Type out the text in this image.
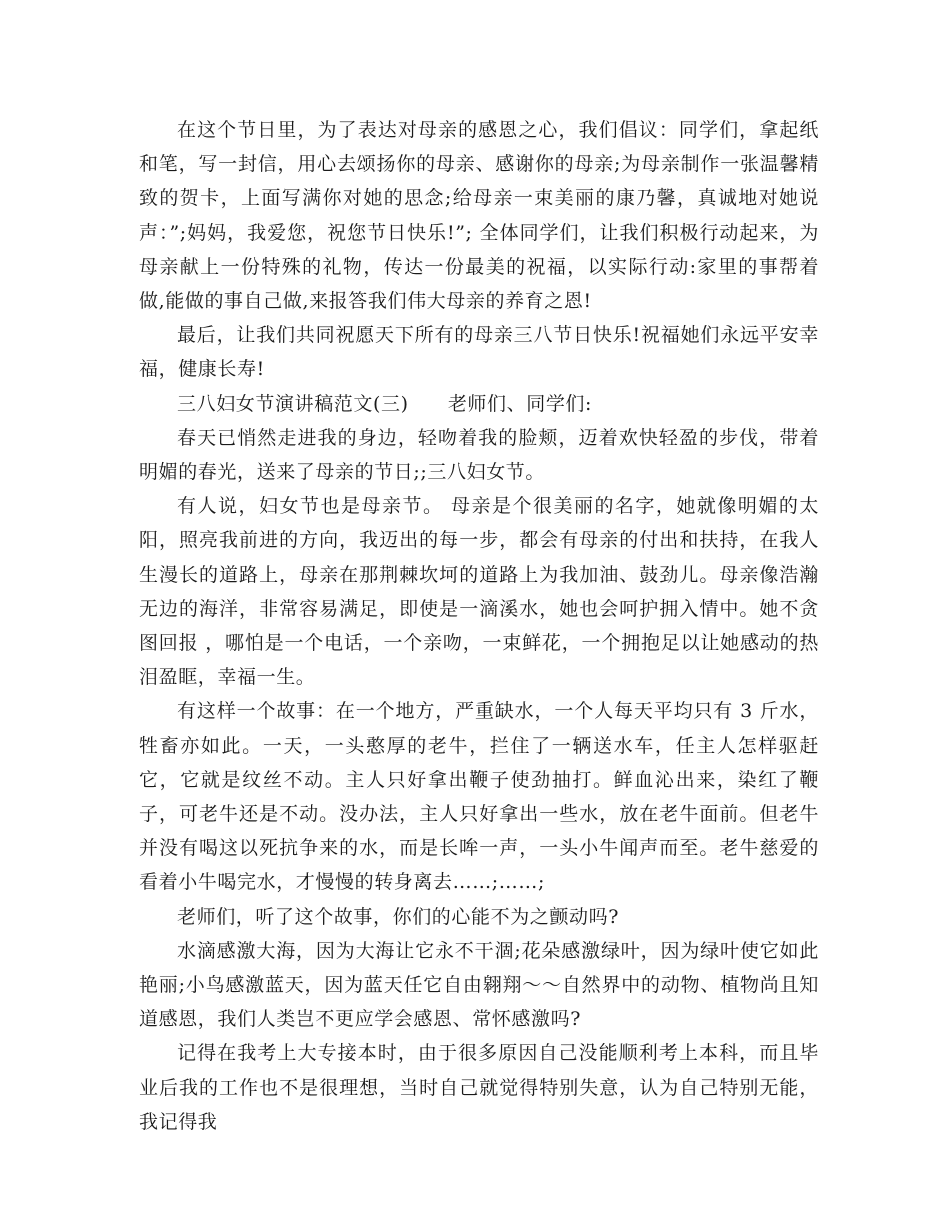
在这个节日里，为了表达对母亲的感恩之心，我们倡议：同学们，拿起纸和笔，写一封信，用心去颂扬你的母亲、感谢你的母亲;为母亲制作一张温馨精致的贺卡，上面写满你对她的思念;给母亲一束美丽的康乃馨，真诚地对她说声：”;妈妈，我爱您，祝您节日快乐!”; 全体同学们，让我们积极行动起来，为母亲献上一份特殊的礼物，传达一份最美的祝福，以实际行动:家里的事帮着做,能做的事自己做,来报答我们伟大母亲的养育之恩!

最后，让我们共同祝愿天下所有的母亲三八节日快乐!祝福她们永远平安幸福，健康长寿!

三八妇女节演讲稿范文(三)　　老师们、同学们:

春天已悄然走进我的身边，轻吻着我的脸颊，迈着欢快轻盈的步伐，带着明媚的春光，送来了母亲的节日;;三八妇女节。

有人说，妇女节也是母亲节。 母亲是个很美丽的名字，她就像明媚的太阳，照亮我前进的方向，我迈出的每一步，都会有母亲的付出和扶持，在我人生漫长的道路上，母亲在那荆棘坎坷的道路上为我加油、鼓劲儿。母亲像浩瀚无边的海洋，非常容易满足，即使是一滴溪水，她也会呵护拥入情中。她不贪图回报 ，哪怕是一个电话，一个亲吻，一束鲜花，一个拥抱足以让她感动的热泪盈眶，幸福一生。

有这样一个故事：在一个地方，严重缺水，一个人每天平均只有 3 斤水，牲畜亦如此。一天，一头憨厚的老牛，拦住了一辆送水车，任主人怎样驱赶它，它就是纹丝不动。主人只好拿出鞭子使劲抽打。鲜血沁出来，染红了鞭子，可老牛还是不动。没办法，主人只好拿出一些水，放在老牛面前。但老牛并没有喝这以死抗争来的水，而是长哞一声，一头小牛闻声而至。老牛慈爱的看着小牛喝完水，才慢慢的转身离去……;……;

老师们，听了这个故事，你们的心能不为之颤动吗?

水滴感激大海，因为大海让它永不干涸;花朵感激绿叶，因为绿叶使它如此艳丽;小鸟感激蓝天，因为蓝天任它自由翱翔～～自然界中的动物、植物尚且知道感恩，我们人类岂不更应学会感恩、常怀感激吗?

记得在我考上大专接本时，由于很多原因自己没能顺利考上本科，而且毕业后我的工作也不是很理想，当时自己就觉得特别失意，认为自己特别无能，我记得我
